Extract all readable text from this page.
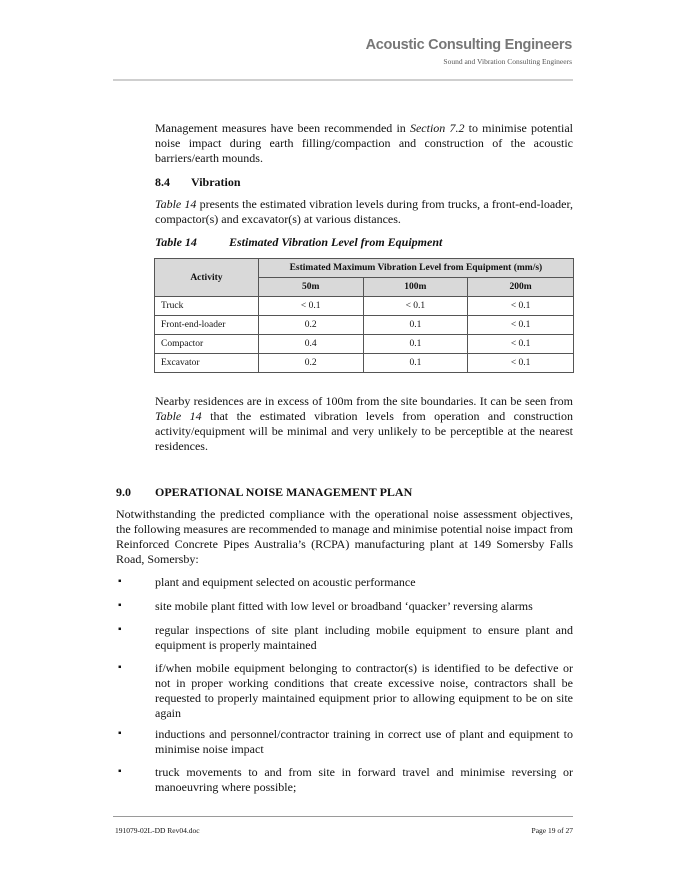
Acoustic Consulting Engineers
Sound and Vibration Consulting Engineers
Management measures have been recommended in Section 7.2 to minimise potential noise impact during earth filling/compaction and construction of the acoustic barriers/earth mounds.
8.4 Vibration
Table 14 presents the estimated vibration levels during from trucks, a front-end-loader, compactor(s) and excavator(s) at various distances.
Table 14	Estimated Vibration Level from Equipment
Activity	Estimated Maximum Vibration Level from Equipment (mm/s)		
	50m	100m	200m
Truck	< 0.1	< 0.1	< 0.1
Front-end-loader	0.2	0.1	< 0.1
Compactor	0.4	0.1	< 0.1
Excavator	0.2	0.1	< 0.1
Nearby residences are in excess of 100m from the site boundaries. It can be seen from Table 14 that the estimated vibration levels from operation and construction activity/equipment will be minimal and very unlikely to be perceptible at the nearest residences.
9.0 OPERATIONAL NOISE MANAGEMENT PLAN
Notwithstanding the predicted compliance with the operational noise assessment objectives, the following measures are recommended to manage and minimise potential noise impact from Reinforced Concrete Pipes Australia’s (RCPA) manufacturing plant at 149 Somersby Falls Road, Somersby:
▪	plant and equipment selected on acoustic performance
▪	site mobile plant fitted with low level or broadband ‘quacker’ reversing alarms
▪	regular inspections of site plant including mobile equipment to ensure plant and equipment is properly maintained
▪	if/when mobile equipment belonging to contractor(s) is identified to be defective or not in proper working conditions that create excessive noise, contractors shall be requested to properly maintained equipment prior to allowing equipment to be on site again
▪	inductions and personnel/contractor training in correct use of plant and equipment to minimise noise impact
▪	truck movements to and from site in forward travel and minimise reversing or manoeuvring where possible;
191079-02L-DD Rev04.doc	Page 19 of 27
